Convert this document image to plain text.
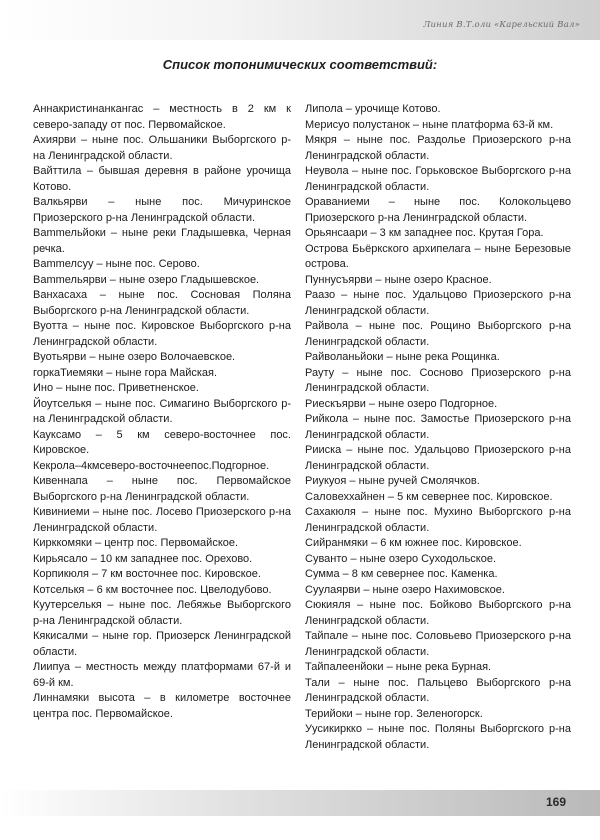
Линия В.Т.оли «Карельский Вал»
Список топонимических соответствий:

Аннакристинанкангас – местность в 2 км к северо-западу от пос. Первомайское.

Ахиярви – ныне пос. Ольшаники Выборгского р-на Ленинградской области.

Вайттила – бывшая деревня в районе урочища Котово.

Валкьярви – ныне пос. Мичуринское Приозерского р-на Ленинградской области.

Вammельйоки – ныне реки Гладышевка, Черная речка.

Вammелсуу – ныне пос. Серово.

Вammельярви – ныне озеро Гладышевское.

Ванхасаха – ныне пос. Сосновая Поляна Выборгского р-на Ленинградской области.

Вуотта – ныне пос. Кировское Выборгского р-на Ленинградской области.

Вуотьярви – ныне озеро Волочаевское.

горкаТиемяки – ныне гора Майская.

Ино – ныне пос. Приветненское.

Йоутселькя – ныне пос. Симагино Выборгского р-на Ленинградской области.

Кауксамо – 5 км северо-восточнее пос. Кировское.

Кекрола–4кмсеверо-восточнеепос.Подгорное.

Кивеннапа – ныне пос. Первомайское Выборгского р-на Ленинградской области.

Кивиниеми – ныне пос. Лосево Приозерского р-на Ленинградской области.

Кирккомяки – центр пос. Первомайское.

Кирьясало – 10 км западнее пос. Орехово.

Корпикюля – 7 км восточнее пос. Кировское.

Котселькя – 6 км восточнее пос. Цвелодубово.

Куутерселькя – ныне пос. Лебяжье Выборгского р-на Ленинградской области.

Кякисалми – ныне гор. Приозерск Ленинградской области.

Лиипуа – местность между платформами 67-й и 69-й км.

Линнамяки высота – в километре восточнее центра пос. Первомайское.

Липола – урочище Котово.

Мерисуо полустанок – ныне платформа 63-й км.

Мякря – ныне пос. Раздолье Приозерского р-на Ленинградской области.

Неувола – ныне пос. Горьковское Выборгского р-на Ленинградской области.

Ораваниеми – ныне пос. Колокольцево Приозерского р-на Ленинградской области.

Орьянсаари – 3 км западнее пос. Крутая Гора.

Острова Бьёркского архипелага – ныне Березовые острова.

Пуннусъярви – ныне озеро Красное.

Раазо – ныне пос. Удальцово Приозерского р-на Ленинградской области.

Райвола – ныне пос. Рощино Выборгского р-на Ленинградской области.

Райволаньйоки – ныне река Рощинка.

Рауту – ныне пос. Сосново Приозерского р-на Ленинградской области.

Риескъярви – ныне озеро Подгорное.

Рийкола – ныне пос. Замостье Приозерского р-на Ленинградской области.

Рииска – ныне пос. Удальцово Приозерского р-на Ленинградской области.

Риукуоя – ныне ручей Смолячков.

Саловеххайнен – 5 км севернее пос. Кировское.

Сахакюля – ныне пос. Мухино Выборгского р-на Ленинградской области.

Сийранмяки – 6 км южнее пос. Кировское.

Суванто – ныне озеро Суходольское.

Сумма – 8 км севернее пос. Каменка.

Суулаярви – ныне озеро Нахимовское.

Сюкияля – ныне пос. Бойково Выборгского р-на Ленинградской области.

Тайпале – ныне пос. Соловьево Приозерского р-на Ленинградской области.

Тайпалеенйоки – ныне река Бурная.

Тали – ныне пос. Пальцево Выборгского р-на Ленинградской области.

Терийоки – ныне гор. Зеленогорск.

Уусикиркко – ныне пос. Поляны Выборгского р-на Ленинградской области.

169
